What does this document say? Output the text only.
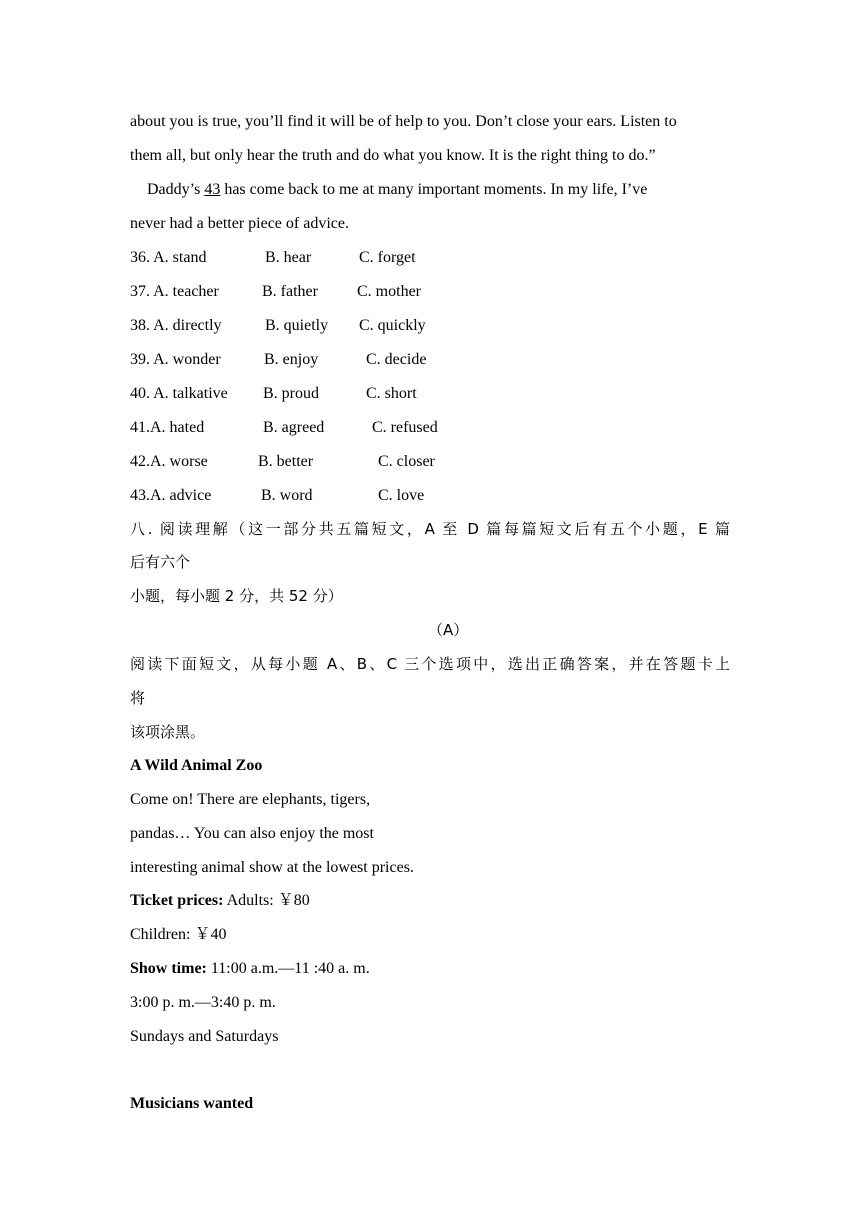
about you is true, you’ll find it will be of help to you. Don’t close your ears. Listen to
them all, but only hear the truth and do what you know. It is the right thing to do.”
Daddy’s 43 has come back to me at many important moments. In my life, I’ve
never had a better piece of advice.
36. A. stand	B. hear	C. forget
37. A. teacher	B. father C. mother
38. A. directly	B. quietly C. quickly
39. A. wonder	B. enjoy	C. decide
40. A. talkative B. proud	C. short
41.A. hated	B. agreed	C. refused
42.A. worse	B. better	C. closer
43.A. advice	B. word	C. love
八. 阅读理解（这一部分共五篇短文，A 至 D 篇每篇短文后有五个小题，E 篇
后有六个
小题，每小题 2 分，共 52 分）
（A）
阅读下面短文，从每小题 A、B、C 三个选项中，选出正确答案，并在答题卡上
将
该项涂黑。
A Wild Animal Zoo
Come on! There are elephants, tigers,
pandas… You can also enjoy the most
interesting animal show at the lowest prices.
Ticket prices: Adults: ￥80
Children: ￥40
Show time: 11:00 a.m.—11 :40 a. m.
3:00 p. m.—3:40 p. m.
Sundays and Saturdays
Musicians wanted
